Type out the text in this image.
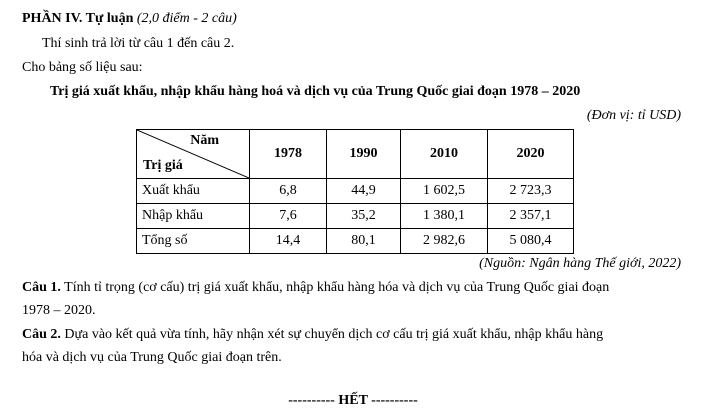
PHẦN IV. Tự luận (2,0 điểm - 2 câu)
Thí sinh trả lời từ câu 1 đến câu 2.
Cho bảng số liệu sau:
Trị giá xuất khẩu, nhập khẩu hàng hoá và dịch vụ của Trung Quốc giai đoạn 1978 – 2020
(Đơn vị: tỉ USD)
Năm
Trị giá	1978	1990	2010	2020
Xuất khẩu	6,8	44,9	1 602,5	2 723,3
Nhập khẩu	7,6	35,2	1 380,1	2 357,1
Tổng số	14,4	80,1	2 982,6	5 080,4
(Nguồn: Ngân hàng Thế giới, 2022)
Câu 1. Tính tỉ trọng (cơ cấu) trị giá xuất khẩu, nhập khẩu hàng hóa và dịch vụ của Trung Quốc giai đoạn
1978 – 2020.
Câu 2. Dựa vào kết quả vừa tính, hãy nhận xét sự chuyển dịch cơ cấu trị giá xuất khẩu, nhập khẩu hàng
hóa và dịch vụ của Trung Quốc giai đoạn trên.
---------- HẾT ----------
